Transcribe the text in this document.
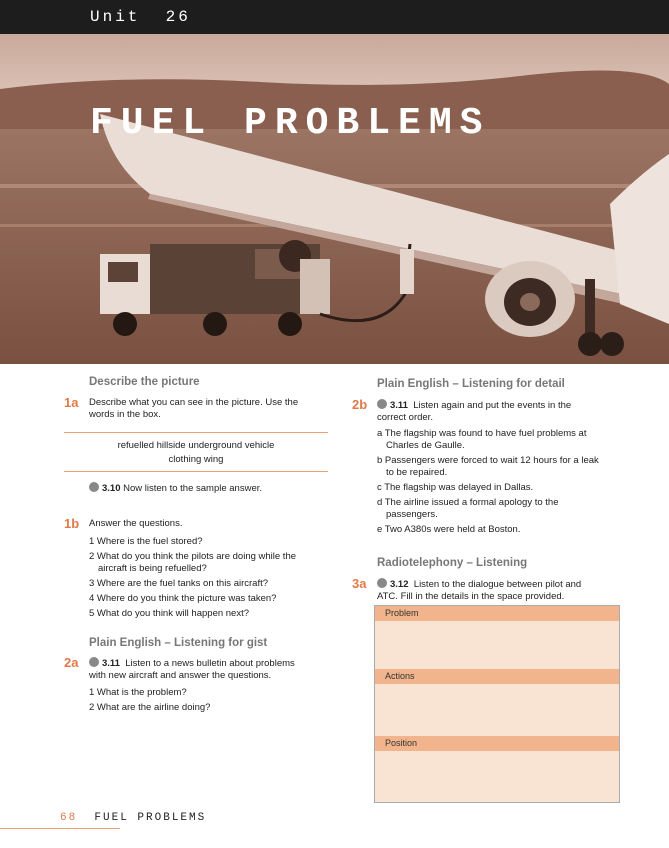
Unit  26
FUEL PROBLEMS
Describe the picture
1a Describe what you can see in the picture. Use the
words in the box.
refuelled hillside underground vehicle
clothing wing
3.10 Now listen to the sample answer.
1b Answer the questions.
1 Where is the fuel stored?
2 What do you think the pilots are doing while the
aircraft is being refuelled?
3 Where are the fuel tanks on this aircraft?
4 Where do you think the picture was taken?
5 What do you think will happen next?
Plain English – Listening for gist
2a	3.11 Listen to a news bulletin about problems
with new aircraft and answer the questions.
1 What is the problem?
2 What are the airline doing?
Plain English – Listening for detail
2b	3.11 Listen again and put the events in the
correct order.
a The flagship was found to have fuel problems at
Charles de Gaulle.
b Passengers were forced to wait 12 hours for a leak
to be repaired.
c The flagship was delayed in Dallas.
d The airline issued a formal apology to the
passengers.
e Two A380s were held at Boston.
Radiotelephony – Listening
3a	3.12 Listen to the dialogue between pilot and
ATC. Fill in the details in the space provided.
Problem
Actions
Position
68 FUEL PROBLEMS
